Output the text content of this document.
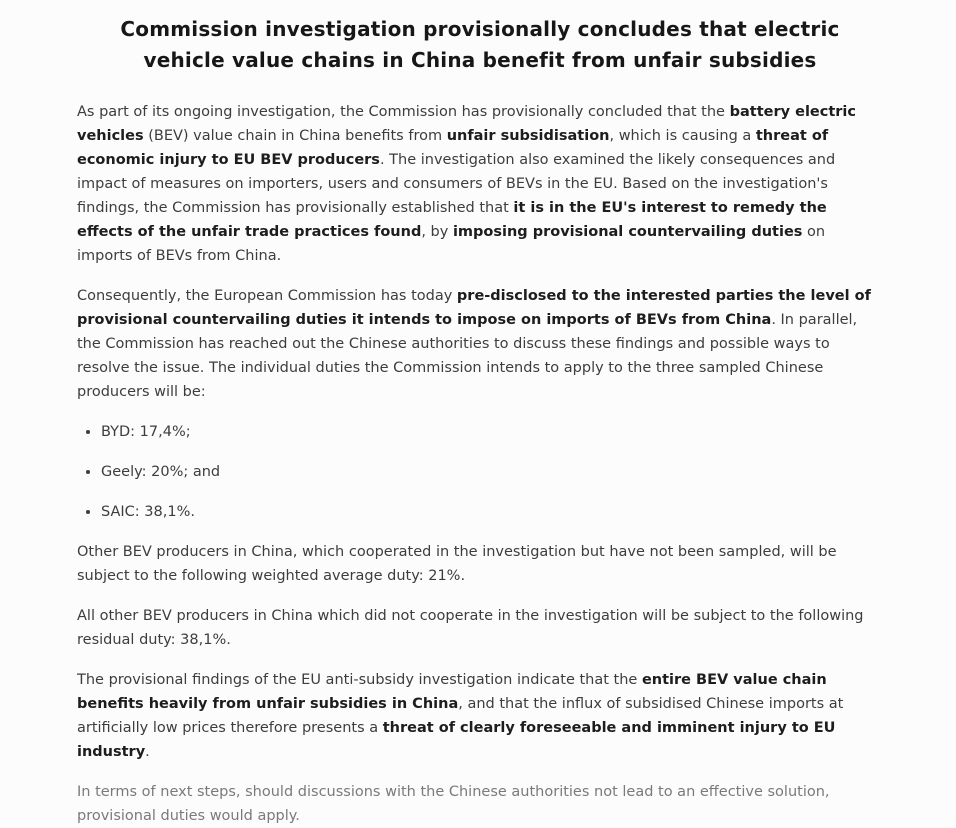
Commission investigation provisionally concludes that electric
vehicle value chains in China benefit from unfair subsidies

As part of its ongoing investigation, the Commission has provisionally concluded that the battery electric vehicles (BEV) value chain in China benefits from unfair subsidisation, which is causing a threat of economic injury to EU BEV producers. The investigation also examined the likely consequences and impact of measures on importers, users and consumers of BEVs in the EU. Based on the investigation's findings, the Commission has provisionally established that it is in the EU's interest to remedy the effects of the unfair trade practices found, by imposing provisional countervailing duties on imports of BEVs from China.

Consequently, the European Commission has today pre-disclosed to the interested parties the level of provisional countervailing duties it intends to impose on imports of BEVs from China. In parallel, the Commission has reached out the Chinese authorities to discuss these findings and possible ways to resolve the issue. The individual duties the Commission intends to apply to the three sampled Chinese producers will be:

• BYD: 17,4%;
• Geely: 20%; and
• SAIC: 38,1%.

Other BEV producers in China, which cooperated in the investigation but have not been sampled, will be subject to the following weighted average duty: 21%.

All other BEV producers in China which did not cooperate in the investigation will be subject to the following residual duty: 38,1%.

The provisional findings of the EU anti-subsidy investigation indicate that the entire BEV value chain benefits heavily from unfair subsidies in China, and that the influx of subsidised Chinese imports at artificially low prices therefore presents a threat of clearly foreseeable and imminent injury to EU industry.

In terms of next steps, should discussions with the Chinese authorities not lead to an effective solution, provisional duties would apply.
